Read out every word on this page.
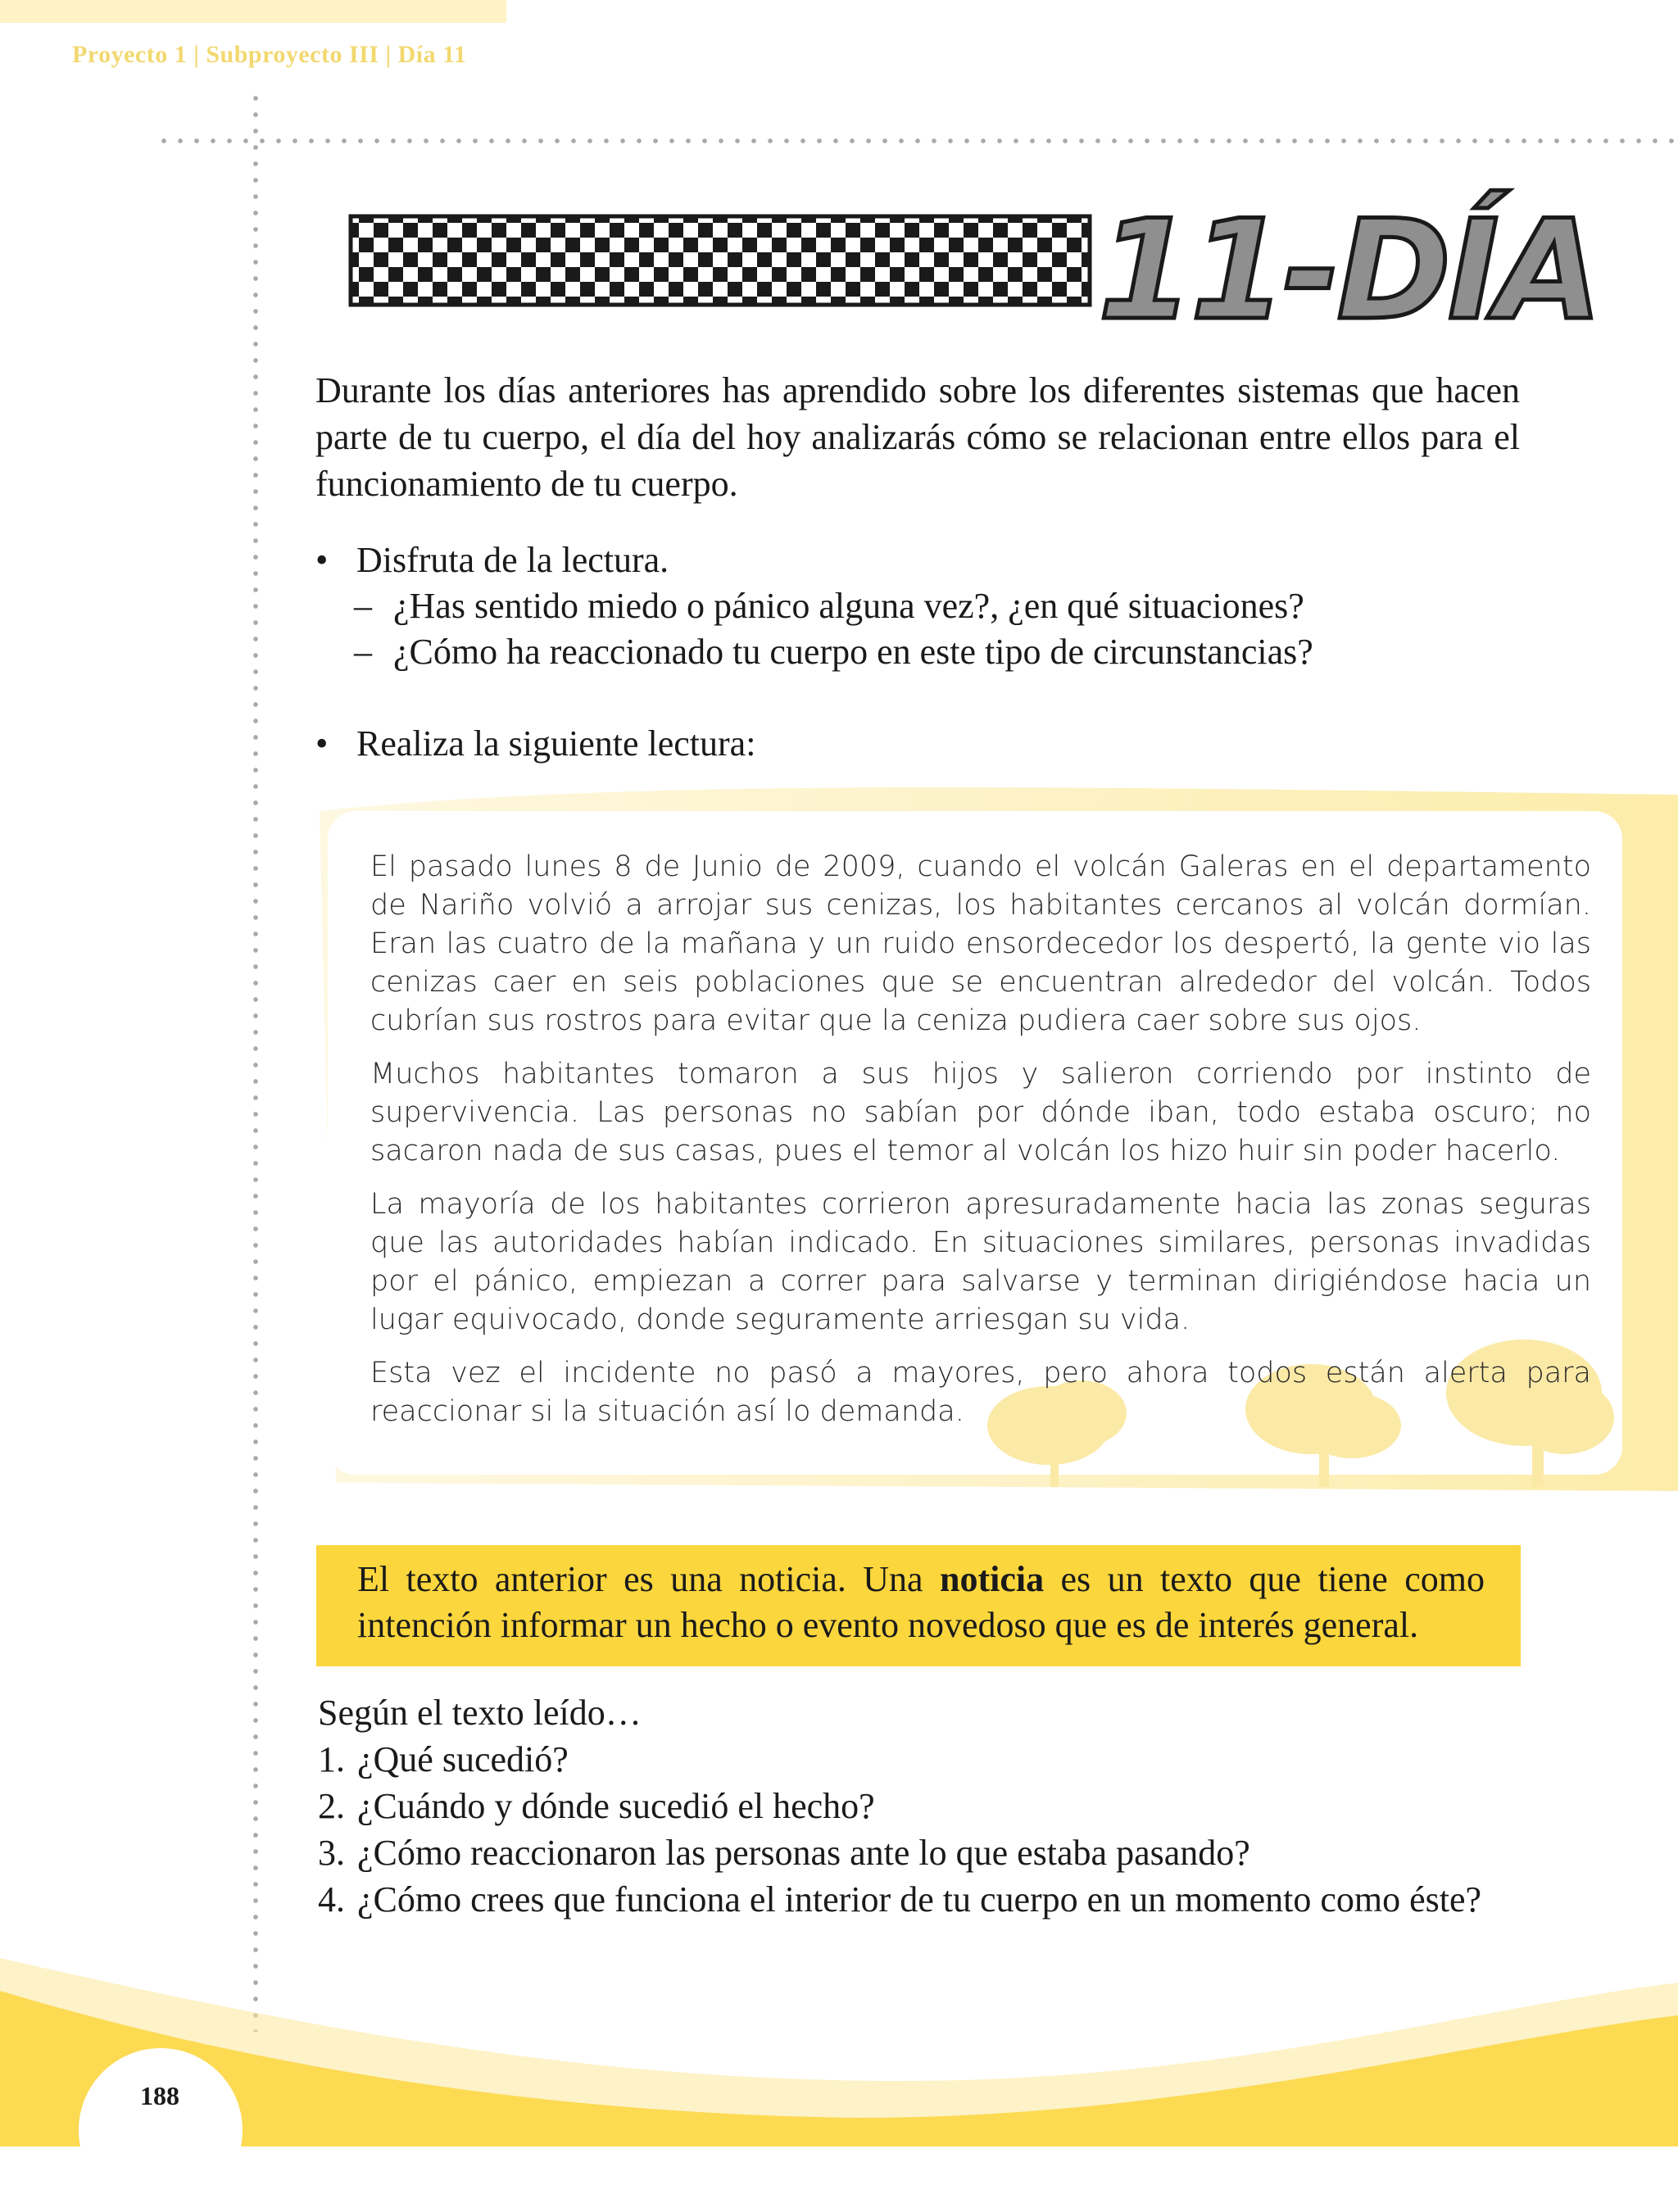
Proyecto 1 | Subproyecto III | Día 11
11-DÍA

Durante los días anteriores has aprendido sobre los diferentes sistemas que hacen parte de tu cuerpo, el día del hoy analizarás cómo se relacionan entre ellos para el funcionamiento de tu cuerpo.

• Disfruta de la lectura.

– ¿Has sentido miedo o pánico alguna vez?, ¿en qué situaciones?

– ¿Cómo ha reaccionado tu cuerpo en este tipo de circunstancias?

• Realiza la siguiente lectura:

El pasado lunes 8 de Junio de 2009, cuando el volcán Galeras en el departamento de Nariño volvió a arrojar sus cenizas, los habitantes cercanos al volcán dormían. Eran las cuatro de la mañana y un ruido ensordecedor los despertó, la gente vio las cenizas caer en seis poblaciones que se encuentran alrededor del volcán. Todos cubrían sus rostros para evitar que la ceniza pudiera caer sobre sus ojos.

Muchos habitantes tomaron a sus hijos y salieron corriendo por instinto de supervivencia. Las personas no sabían por dónde iban, todo estaba oscuro; no sacaron nada de sus casas, pues el temor al volcán los hizo huir sin poder hacerlo.

La mayoría de los habitantes corrieron apresuradamente hacia las zonas seguras que las autoridades habían indicado. En situaciones similares, personas invadidas por el pánico, empiezan a correr para salvarse y terminan dirigiéndose hacia un lugar equivocado, donde seguramente arriesgan su vida.

Esta vez el incidente no pasó a mayores, pero ahora todos están alerta para reaccionar si la situación así lo demanda.

El texto anterior es una noticia. Una noticia es un texto que tiene como intención informar un hecho o evento novedoso que es de interés general.

Según el texto leído…

1. ¿Qué sucedió?
2. ¿Cuándo y dónde sucedió el hecho?
3. ¿Cómo reaccionaron las personas ante lo que estaba pasando?
4. ¿Cómo crees que funciona el interior de tu cuerpo en un momento como éste?
188
